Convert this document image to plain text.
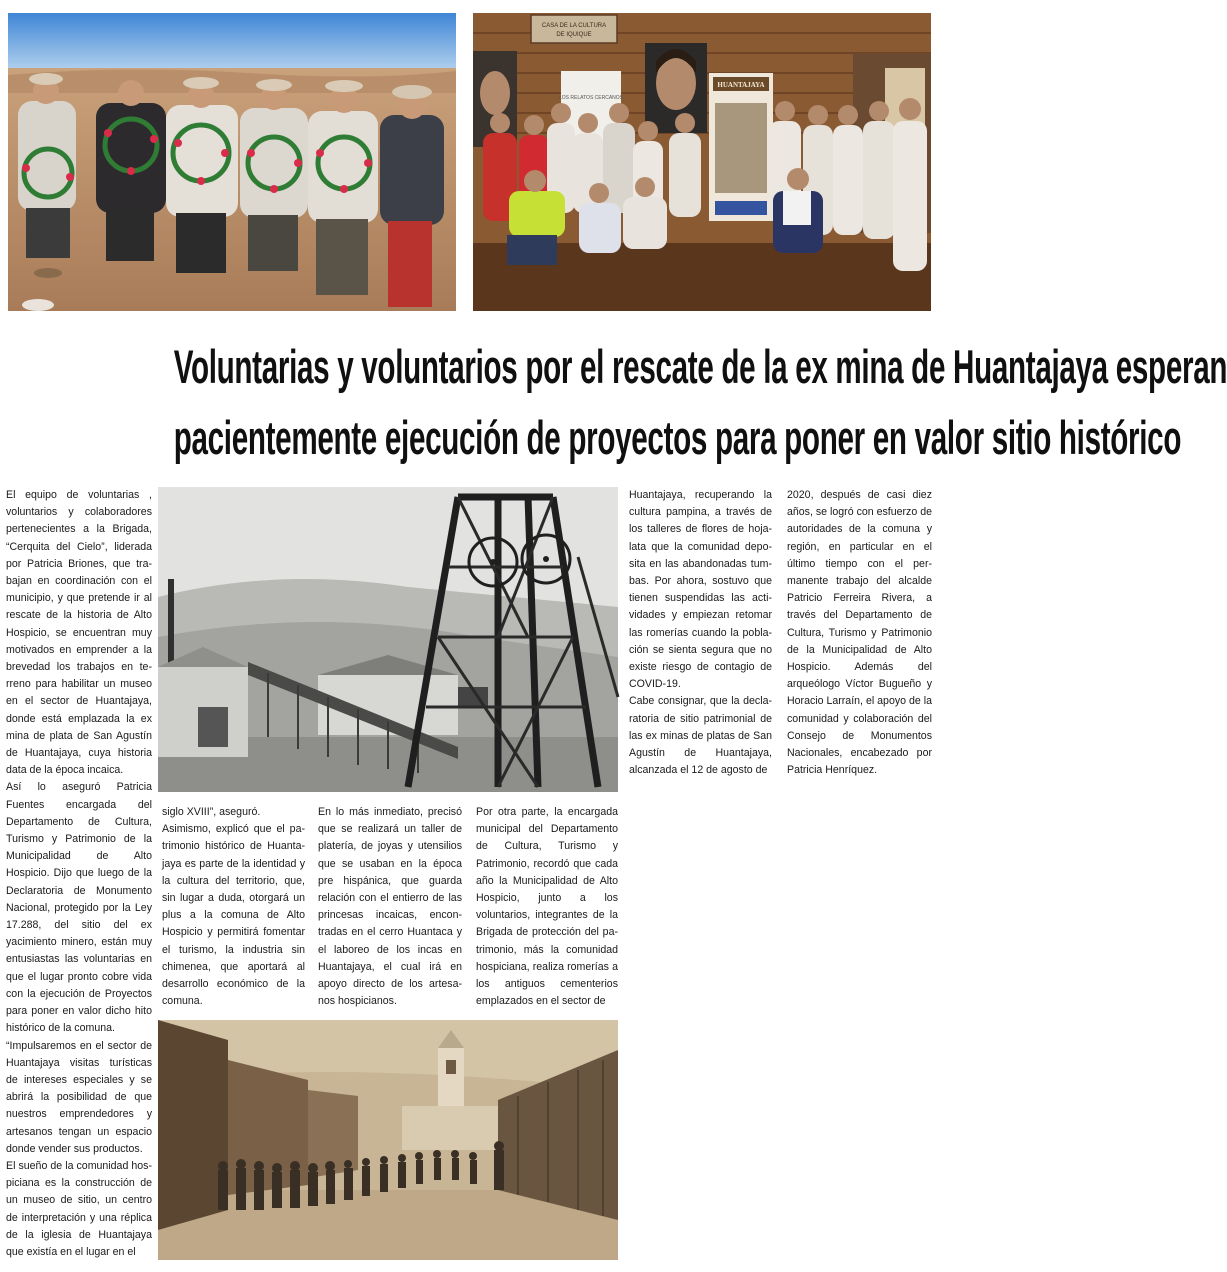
CASA DE LA CULTURA
DE IQUIQUE
LOS RELATOS CERCANOS
HUANTAJAYA
Voluntarias y voluntarios por el rescate de la ex mina de Huantajaya esperan
pacientemente ejecución de proyectos para poner en valor sitio histórico

El equipo de voluntarias , voluntarios y colaboradores pertenecientes a la Brigada, “Cerquita del Cielo”, liderada por Patricia Briones, que trabajan en coordinación con el municipio, y que pretende ir al rescate de la historia de Alto Hospicio, se encuentran muy motivados en emprender a la brevedad los trabajos en terreno para habilitar un museo en el sector de Huantajaya, donde está emplazada la ex mina de plata de San Agustín de Huantajaya, cuya historia data de la época incaica.

Así lo aseguró Patricia Fuentes encargada del Departamento de Cultura, Turismo y Patrimonio de la Municipalidad de Alto Hospicio. Dijo que luego de la Declaratoria de Monumento Nacional, protegido por la Ley 17.288, del sitio del ex yacimiento minero, están muy entusiastas las voluntarias en que el lugar pronto cobre vida con la ejecución de Proyectos para poner en valor dicho hito histórico de la comuna.

“Impulsaremos en el sector de Huantajaya visitas turísticas de intereses especiales y se abrirá la posibilidad de que nuestros emprendedores y artesanos tengan un espacio donde vender sus productos.

El sueño de la comunidad hospiciana es la construcción de un museo de sitio, un centro de interpretación y una réplica de la iglesia de Huantajaya que existía en el lugar en el

siglo XVIII”, aseguró.

Asimismo, explicó que el patrimonio histórico de Huantajaya es parte de la identidad y la cultura del territorio, que, sin lugar a duda, otorgará un plus a la comuna de Alto Hospicio y permitirá fomentar el turismo, la industria sin chimenea, que aportará al desarrollo económico de la comuna.

En lo más inmediato, precisó que se realizará un taller de platería, de joyas y utensilios que se usaban en la época pre hispánica, que guarda relación con el entierro de las princesas incaicas, encontradas en el cerro Huantaca y el laboreo de los incas en Huantajaya, el cual irá en apoyo directo de los artesanos hospicianos.

Por otra parte, la encargada municipal del Departamento de Cultura, Turismo y Patrimonio, recordó que cada año la Municipalidad de Alto Hospicio, junto a los voluntarios, integrantes de la Brigada de protección del patrimonio, más la comunidad hospiciana, realiza romerías a los antiguos cementerios emplazados en el sector de

Huantajaya, recuperando la cultura pampina, a través de los talleres de flores de hojalata que la comunidad deposita en las abandonadas tumbas. Por ahora, sostuvo que tienen suspendidas las actividades y empiezan retomar las romerías cuando la población se sienta segura que no existe riesgo de contagio de COVID-19.

Cabe consignar, que la declaratoria de sitio patrimonial de las ex minas de platas de San Agustín de Huantajaya, alcanzada el 12 de agosto de

2020, después de casi diez años, se logró con esfuerzo de autoridades de la comuna y región, en particular en el último tiempo con el permanente trabajo del alcalde Patricio Ferreira Rivera, a través del Departamento de Cultura, Turismo y Patrimonio de la Municipalidad de Alto Hospicio. Además del arqueólogo Víctor Bugueño y Horacio Larraín, el apoyo de la comunidad y colaboración del Consejo de Monumentos Nacionales, encabezado por Patricia Henríquez.
